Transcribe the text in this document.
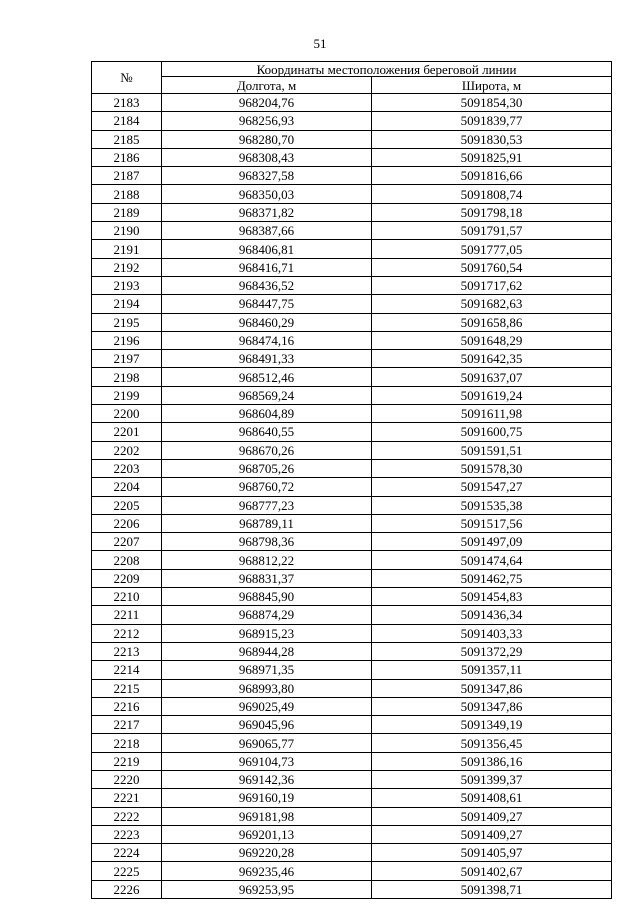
51
№	Координаты местоположения береговой линии	
	Долгота, м	Широта, м
2183	968204,76	5091854,30
2184	968256,93	5091839,77
2185	968280,70	5091830,53
2186	968308,43	5091825,91
2187	968327,58	5091816,66
2188	968350,03	5091808,74
2189	968371,82	5091798,18
2190	968387,66	5091791,57
2191	968406,81	5091777,05
2192	968416,71	5091760,54
2193	968436,52	5091717,62
2194	968447,75	5091682,63
2195	968460,29	5091658,86
2196	968474,16	5091648,29
2197	968491,33	5091642,35
2198	968512,46	5091637,07
2199	968569,24	5091619,24
2200	968604,89	5091611,98
2201	968640,55	5091600,75
2202	968670,26	5091591,51
2203	968705,26	5091578,30
2204	968760,72	5091547,27
2205	968777,23	5091535,38
2206	968789,11	5091517,56
2207	968798,36	5091497,09
2208	968812,22	5091474,64
2209	968831,37	5091462,75
2210	968845,90	5091454,83
2211	968874,29	5091436,34
2212	968915,23	5091403,33
2213	968944,28	5091372,29
2214	968971,35	5091357,11
2215	968993,80	5091347,86
2216	969025,49	5091347,86
2217	969045,96	5091349,19
2218	969065,77	5091356,45
2219	969104,73	5091386,16
2220	969142,36	5091399,37
2221	969160,19	5091408,61
2222	969181,98	5091409,27
2223	969201,13	5091409,27
2224	969220,28	5091405,97
2225	969235,46	5091402,67
2226	969253,95	5091398,71
